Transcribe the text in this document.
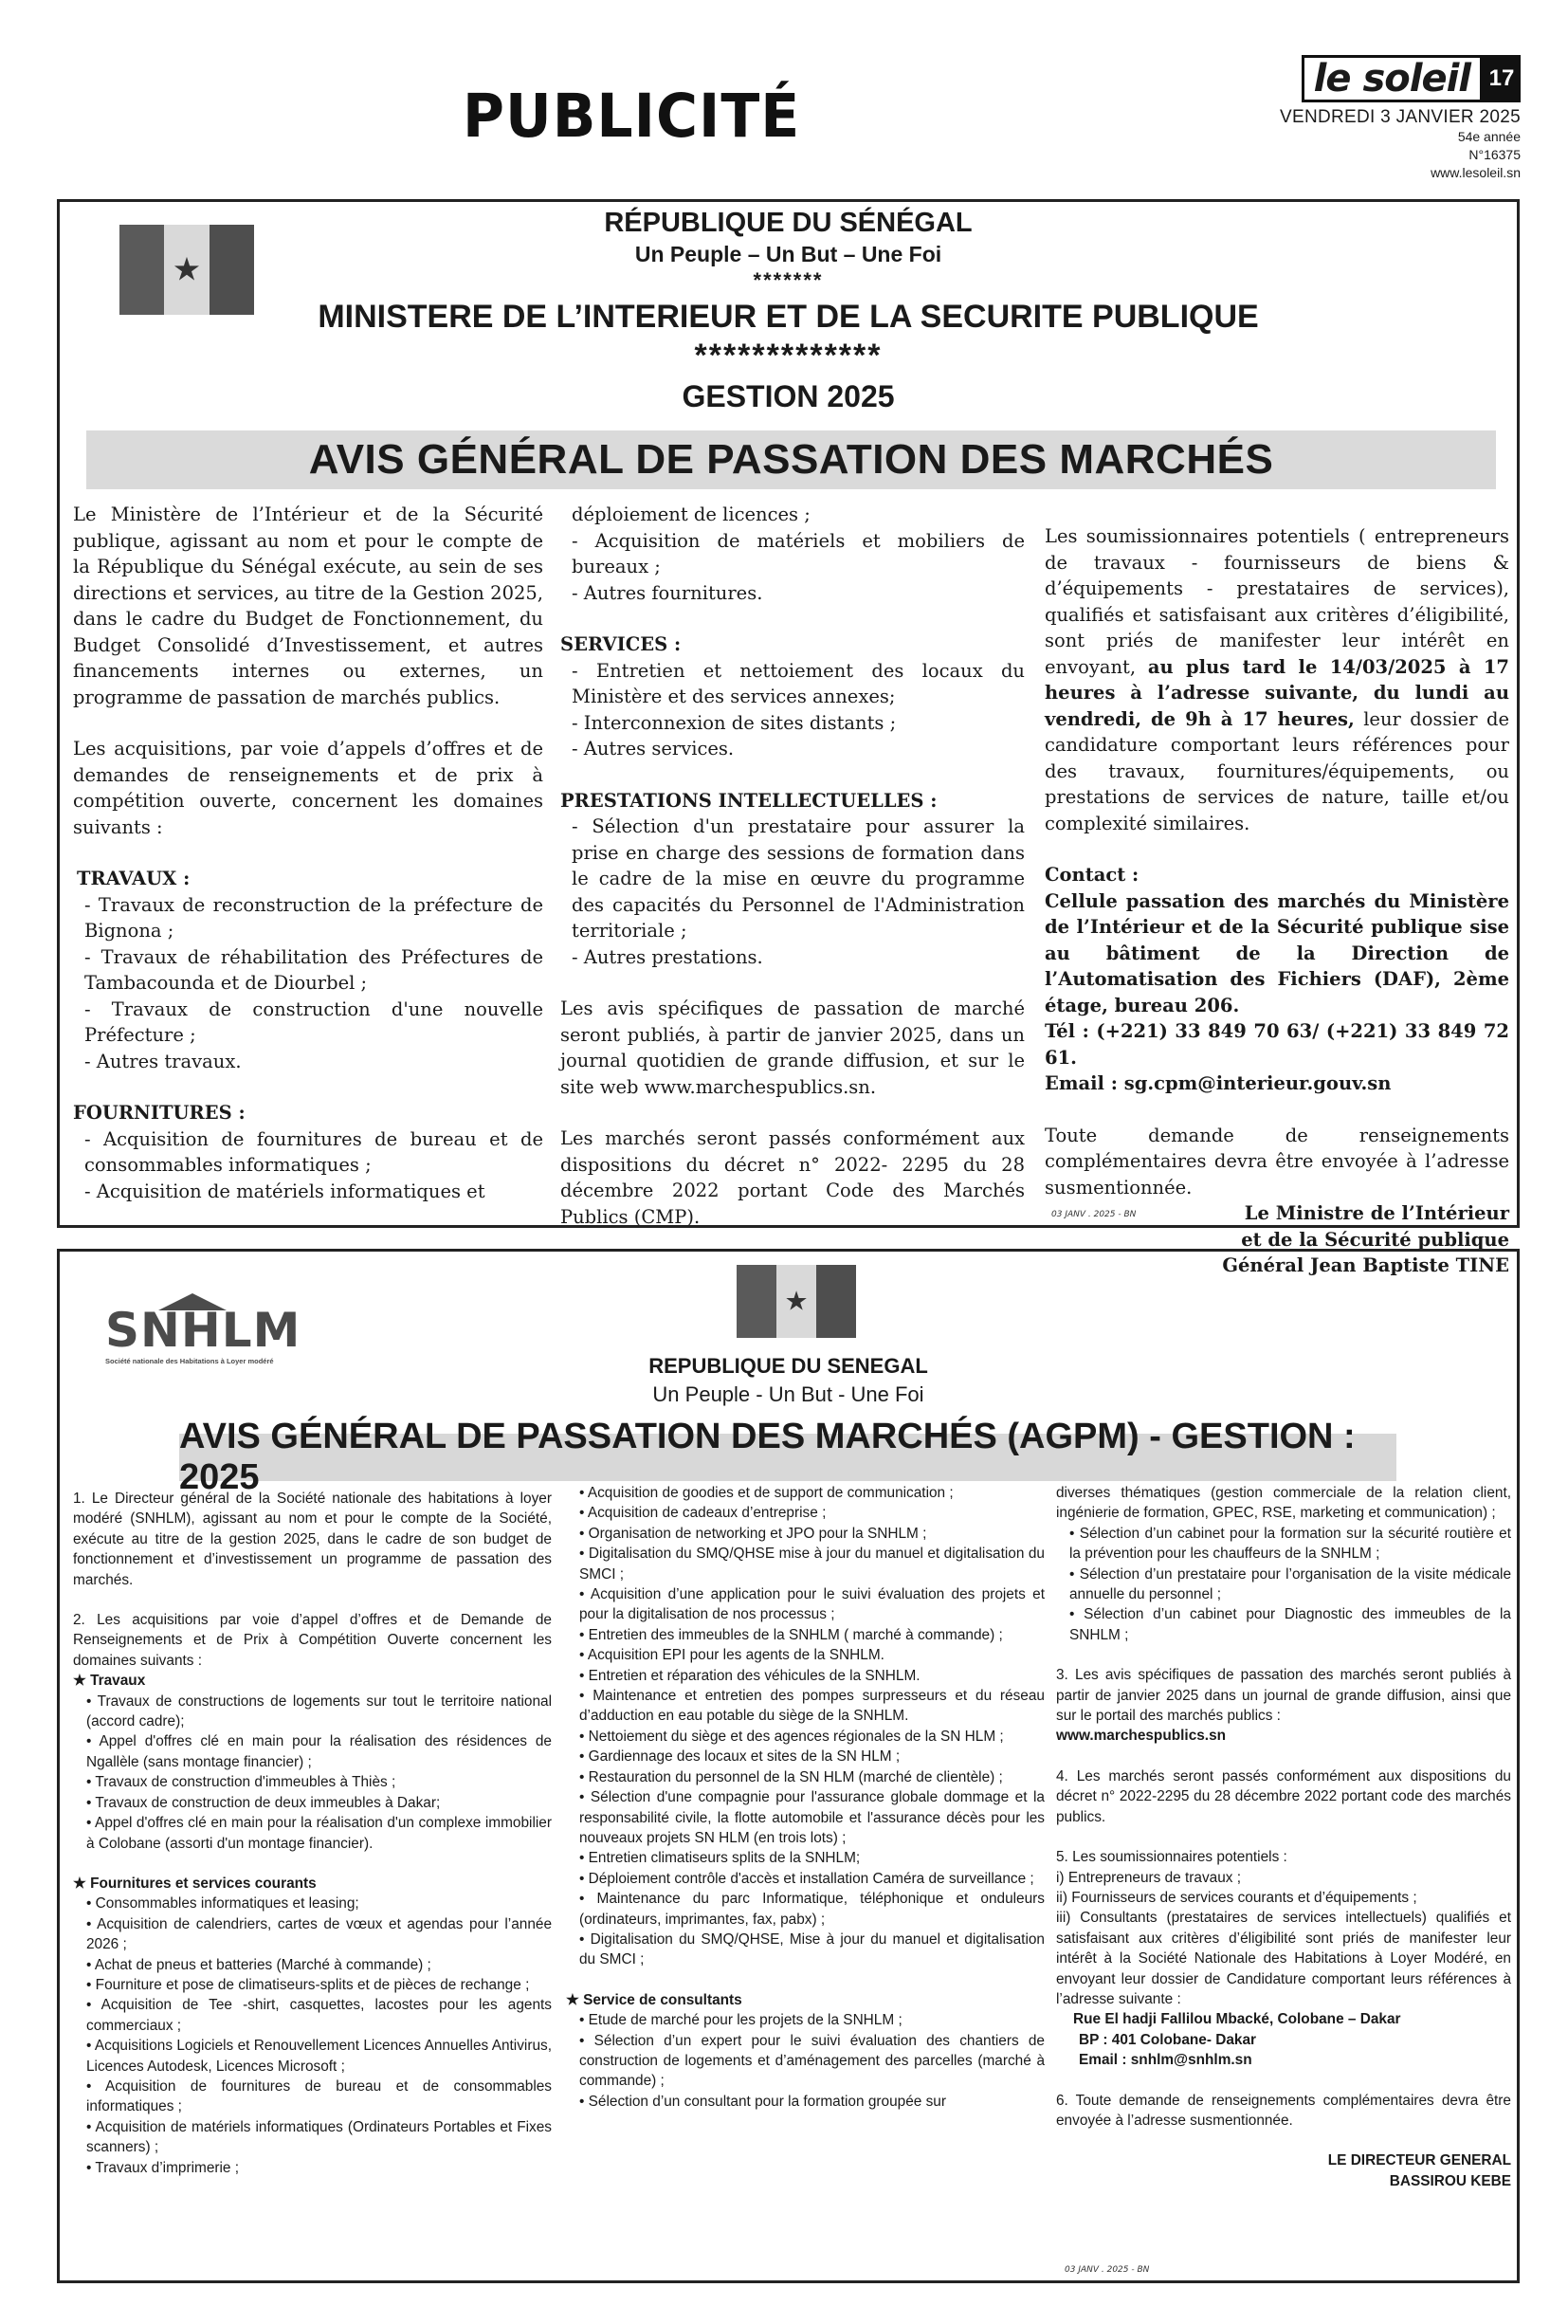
PUBLICITÉ
le soleil 17
VENDREDI 3 JANVIER 2025
54e année
N°16375
www.lesoleil.sn
★
RÉPUBLIQUE DU SÉNÉGAL
Un Peuple – Un But – Une Foi
*******
MINISTERE DE L’INTERIEUR ET DE LA SECURITE PUBLIQUE
*************
GESTION 2025
AVIS GÉNÉRAL DE PASSATION DES MARCHÉS

Le Ministère de l’Intérieur et de la Sécurité publique, agissant au nom et pour le compte de la République du Sénégal exécute, au sein de ses directions et services, au titre de la Gestion 2025, dans le cadre du Budget de Fonctionnement, du Budget Consolidé d’Investissement, et autres financements internes ou externes, un programme de passation de marchés publics.

Les acquisitions, par voie d’appels d’offres et de demandes de renseignements et de prix à compétition ouverte, concernent les domaines suivants :

TRAVAUX :

- Travaux de reconstruction de la préfecture de Bignona ;

- Travaux de réhabilitation des Préfectures de Tambacounda et de Diourbel ;

- Travaux de construction d'une nouvelle Préfecture ;

- Autres travaux.

FOURNITURES :

- Acquisition de fournitures de bureau et de consommables informatiques ;

- Acquisition de matériels informatiques et

déploiement de licences ;

- Acquisition de matériels et mobiliers de bureaux ;

- Autres fournitures.

SERVICES :

- Entretien et nettoiement des locaux du Ministère et des services annexes;

- Interconnexion de sites distants ;

- Autres services.

PRESTATIONS INTELLECTUELLES :

- Sélection d'un prestataire pour assurer la prise en charge des sessions de formation dans le cadre de la mise en œuvre du programme des capacités du Personnel de l'Administration territoriale ;

- Autres prestations.

Les avis spécifiques de passation de marché seront publiés, à partir de janvier 2025, dans un journal quotidien de grande diffusion, et sur le site web www.marchespublics.sn.

Les marchés seront passés conformément aux dispositions du décret n° 2022- 2295 du 28 décembre 2022 portant Code des Marchés Publics (CMP).

Les soumissionnaires potentiels ( entrepreneurs de travaux - fournisseurs de biens & d’équipements - prestataires de services), qualifiés et satisfaisant aux critères d’éligibilité, sont priés de manifester leur intérêt en envoyant, au plus tard le 14/03/2025 à 17 heures à l’adresse suivante, du lundi au vendredi, de 9h à 17 heures, leur dossier de candidature comportant leurs références pour des travaux, fournitures/équipements, ou prestations de services de nature, taille et/ou complexité similaires.

Contact :

Cellule passation des marchés du Ministère de l’Intérieur et de la Sécurité publique sise au bâtiment de la Direction de l’Automatisation des Fichiers (DAF), 2ème étage, bureau 206.

Tél : (+221) 33 849 70 63/ (+221) 33 849 72 61.

Email : sg.cpm@interieur.gouv.sn

Toute demande de renseignements complémentaires devra être envoyée à l’adresse susmentionnée.

Le Ministre de l’Intérieur

et de la Sécurité publique

Général Jean Baptiste TINE

03 JANV . 2025 - BN
★
SNHLM
Société nationale des Habitations à Loyer modéré	REPUBLIQUE DU SENEGAL
Un Peuple - Un But - Une Foi
AVIS GÉNÉRAL DE PASSATION DES MARCHÉS (AGPM) - GESTION : 2025

1. Le Directeur général de la Société nationale des habitations à loyer modéré (SNHLM), agissant au nom et pour le compte de la Société, exécute au titre de la gestion 2025, dans le cadre de son budget de fonctionnement et d’investissement un programme de passation des marchés.

2. Les acquisitions par voie d’appel d’offres et de Demande de Renseignements et de Prix à Compétition Ouverte concernent les domaines suivants :

★ Travaux

• Travaux de constructions de logements sur tout le territoire national (accord cadre);

• Appel d'offres clé en main pour la réalisation des résidences de Ngallèle (sans montage financier) ;

• Travaux de construction d'immeubles à Thiès ;

• Travaux de construction de deux immeubles à Dakar;

• Appel d'offres clé en main pour la réalisation d'un complexe immobilier à Colobane (assorti d'un montage financier).

★ Fournitures et services courants

• Consommables informatiques et leasing;

• Acquisition de calendriers, cartes de vœux et agendas pour l’année 2026 ;

• Achat de pneus et batteries (Marché à commande) ;

• Fourniture et pose de climatiseurs-splits et de pièces de rechange ;

• Acquisition de Tee -shirt, casquettes, lacostes pour les agents commerciaux ;

• Acquisitions Logiciels et Renouvellement Licences Annuelles Antivirus, Licences Autodesk, Licences Microsoft ;

• Acquisition de fournitures de bureau et de consommables informatiques ;

• Acquisition de matériels informatiques (Ordinateurs Portables et Fixes scanners) ;

• Travaux d’imprimerie ;

• Acquisition de goodies et de support de communication ;

• Acquisition de cadeaux d’entreprise ;

• Organisation de networking et JPO pour la SNHLM ;

• Digitalisation du SMQ/QHSE mise à jour du manuel et digitalisation du SMCI ;

• Acquisition d’une application pour le suivi évaluation des projets et pour la digitalisation de nos processus ;

• Entretien des immeubles de la SNHLM ( marché à commande) ;

• Acquisition EPI pour les agents de la SNHLM.

• Entretien et réparation des véhicules de la SNHLM.

• Maintenance et entretien des pompes surpresseurs et du réseau d’adduction en eau potable du siège de la SNHLM.

• Nettoiement du siège et des agences régionales de la SN HLM ;

• Gardiennage des locaux et sites de la SN HLM ;

• Restauration du personnel de la SN HLM (marché de clientèle) ;

• Sélection d'une compagnie pour l'assurance globale dommage et la responsabilité civile, la flotte automobile et l'assurance décès pour les nouveaux projets SN HLM (en trois lots) ;

• Entretien climatiseurs splits de la SNHLM;

• Déploiement contrôle d'accès et installation Caméra de surveillance ;

• Maintenance du parc Informatique, téléphonique et onduleurs (ordinateurs, imprimantes, fax, pabx) ;

• Digitalisation du SMQ/QHSE, Mise à jour du manuel et digitalisation du SMCI ;

★ Service de consultants

• Etude de marché pour les projets de la SNHLM ;

• Sélection d’un expert pour le suivi évaluation des chantiers de construction de logements et d’aménagement des parcelles (marché à commande) ;

• Sélection d’un consultant pour la formation groupée sur

diverses thématiques (gestion commerciale de la relation client, ingénierie de formation, GPEC, RSE, marketing et communication) ;

• Sélection d’un cabinet pour la formation sur la sécurité routière et la prévention pour les chauffeurs de la SNHLM ;

• Sélection d’un prestataire pour l’organisation de la visite médicale annuelle du personnel ;

• Sélection d’un cabinet pour Diagnostic des immeubles de la SNHLM ;

3. Les avis spécifiques de passation des marchés seront publiés à partir de janvier 2025 dans un journal de grande diffusion, ainsi que sur le portail des marchés publics :

www.marchespublics.sn

4. Les marchés seront passés conformément aux dispositions du décret n° 2022-2295 du 28 décembre 2022 portant code des marchés publics.

5. Les soumissionnaires potentiels :

i) Entrepreneurs de travaux ;

ii) Fournisseurs de services courants et d’équipements ;

iii) Consultants (prestataires de services intellectuels) qualifiés et satisfaisant aux critères d’éligibilité sont priés de manifester leur intérêt à la Société Nationale des Habitations à Loyer Modéré, en envoyant leur dossier de Candidature comportant leurs références à l’adresse suivante :

Rue El hadji Fallilou Mbacké, Colobane – Dakar

BP : 401 Colobane- Dakar

Email : snhlm@snhlm.sn

6. Toute demande de renseignements complémentaires devra être envoyée à l’adresse susmentionnée.

LE DIRECTEUR GENERAL

BASSIROU KEBE

03 JANV . 2025 - BN
